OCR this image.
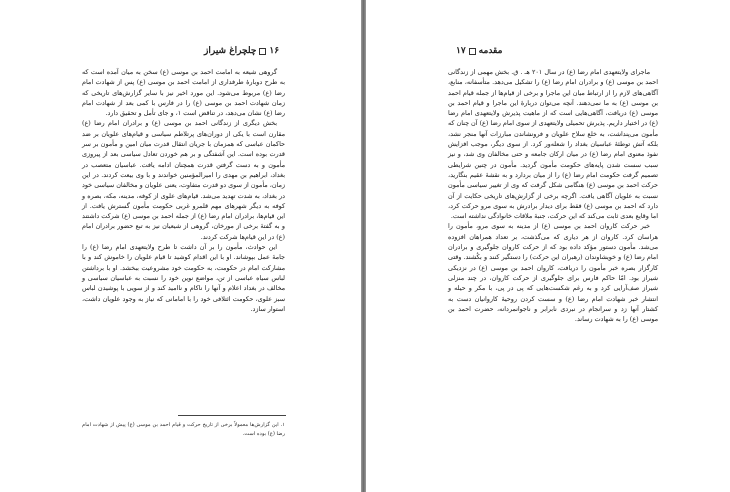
۱۶
چلچراغ شیراز

گروهی شیعه به امامت احمد بن موسی (ع) سخن به میان آمده است که به طرح دوبارهٔ طرفداری از امامت احمد بن موسی (ع) پس از شهادت امام رضا (ع) مربوط می‌شود. این مورد اخیر نیز با سایر گزارش‌های تاریخی که زمان شهادت احمد بن موسی (ع) را در فارس با کمی بعد از شهادت امام رضا (ع) نشان می‌دهد، در تناقض است ۱، و جای تأمل و تحقیق دارد.

بخش دیگری از زندگانی احمد بن موسی (ع) و برادران امام رضا (ع) مقارن است با یکی از دوران‌های پرتلاطم سیاسی و قیام‌های علویان بر ضد حاکمان عباسی که همزمان با جریان انتقال قدرت میان امین و مأمون بر سر قدرت بوده است. این آشفتگی و بر هم خوردن تعادل سیاسی بعد از پیروزی مأمون و به دست گرفتن قدرت همچنان ادامه یافت. عباسیان متعصب در بغداد، ابراهیم بن مهدی را امیرالمؤمنین خواندند و با وی بیعت کردند. در این زمان، مأمون از سوی دو قدرت متفاوت، یعنی علویان و مخالفان سیاسی خود در بغداد، به شدت تهدید می‌شد. قیام‌های علوی از کوفه، مدینه، مکه، بصره و کوفه به دیگر شهرهای مهم قلمرو غربی حکومت مأمون گسترش یافت. از این قیام‌ها، برادران امام رضا (ع) از جمله احمد بن موسی (ع) شرکت داشتند و به گفتهٔ برخی از مورخان، گروهی از شیعیان نیز به تبع حضور برادران امام (ع) در این قیام‌ها شرکت کردند.

این حوادث، مأمون را بر آن داشت تا طرح ولایتعهدی امام رضا (ع) را جامهٔ عمل بپوشاند. او با این اقدام کوشید تا قیام علویان را خاموش کند و با مشارکت امام در حکومت، به حکومت خود مشروعیت ببخشد. او با برداشتن لباس سیاه عباسی از تن، مواضع نوین خود را نسبت به عباسیان سیاسی و مخالف در بغداد اعلام و آنها را ناکام و ناامید کند و از سویی با پوشیدن لباس سبز علوی، حکومت ائتلافی خود را با امامانی که نیاز به وجود علویان داشت، استوار سازد.

۱. این گزارش‌ها معمولاً برخی از تاریخ حرکت و قیام احمد بن موسی (ع) پیش از شهادت امام رضا (ع) بوده است.
مقدمه
۱۷

ماجرای ولایتعهدی امام رضا (ع) در سال ۲۰۱ هـ . ق. بخش مهمی از زندگانی احمد بن موسی (ع) و برادران امام رضا (ع) را تشکیل می‌دهد. متأسفانه، منابع، آگاهی‌های لازم را از ارتباط میان این ماجرا و برخی از قیام‌ها از جمله قیام احمد بن موسی (ع) به ما نمی‌دهند. آنچه می‌توان دربارهٔ این ماجرا و قیام احمد بن موسی (ع) دریافت، آگاهی‌هایی است که از ماهیت پذیرش ولایتعهدی امام رضا (ع) در اختیار داریم. پذیرش تحمیلی ولایتعهدی از سوی امام رضا (ع) آن چنان که مأمون می‌پنداشت، به خلع سلاح علویان و فرونشاندن مبارزات آنها منجر نشد، بلکه آتش توطئهٔ عباسیان بغداد را شعله‌ور کرد. از سوی دیگر، موجب افزایش نفوذ معنوی امام رضا (ع) در میان ارکان جامعه و حتی مخالفان وی شد، و نیز سبب سست شدن پایه‌های حکومت مأمون گردید. مأمون در چنین شرایطی تصمیم گرفت حکومت امام رضا (ع) را از میان بردارد و به نقشهٔ عقیم بنگارید، حرکت احمد بن موسی (ع) هنگامی شکل گرفت که وی از تغییر سیاسی مأمون نسبت به علویان آگاهی یافت. اگرچه برخی از گزارش‌های تاریخی حکایت از آن دارد که احمد بن موسی (ع) فقط برای دیدار برادرش به سوی مرو حرکت کرد، اما وقایع بعدی ثابت می‌کند که این حرکت، جنبهٔ ملاقات خانوادگی نداشته است.

خبر حرکت کاروان احمد بن موسی (ع) از مدینه به سوی مرو، مأمون را هراسان کرد. کاروان از هر دیاری که می‌گذشت، بر تعداد همراهان افزوده می‌شد. مأمون دستور مؤکد داده بود که از حرکت کاروان جلوگیری و برادران امام رضا (ع) و خویشاوندان (رهبران این حرکت) را دستگیر کنند و بکُشند. وقتی کارگزار بصره خبر مأمون را دریافت، کاروان احمد بن موسی (ع) در نزدیکی شیراز بود. امّا حاکم فارس برای جلوگیری از حرکت کاروان، در چند منزلی شیراز صف‌آرایی کرد و به رغم شکست‌هایی که پی در پی، با مکر و حیله و انتشار خبر شهادت امام رضا (ع) و سست کردن روحیهٔ کاروانیان دست به کشتار آنها زد و سرانجام در نبردی نابرابر و ناجوانمردانه، حضرت احمد بن موسی (ع) را به شهادت رساند.
